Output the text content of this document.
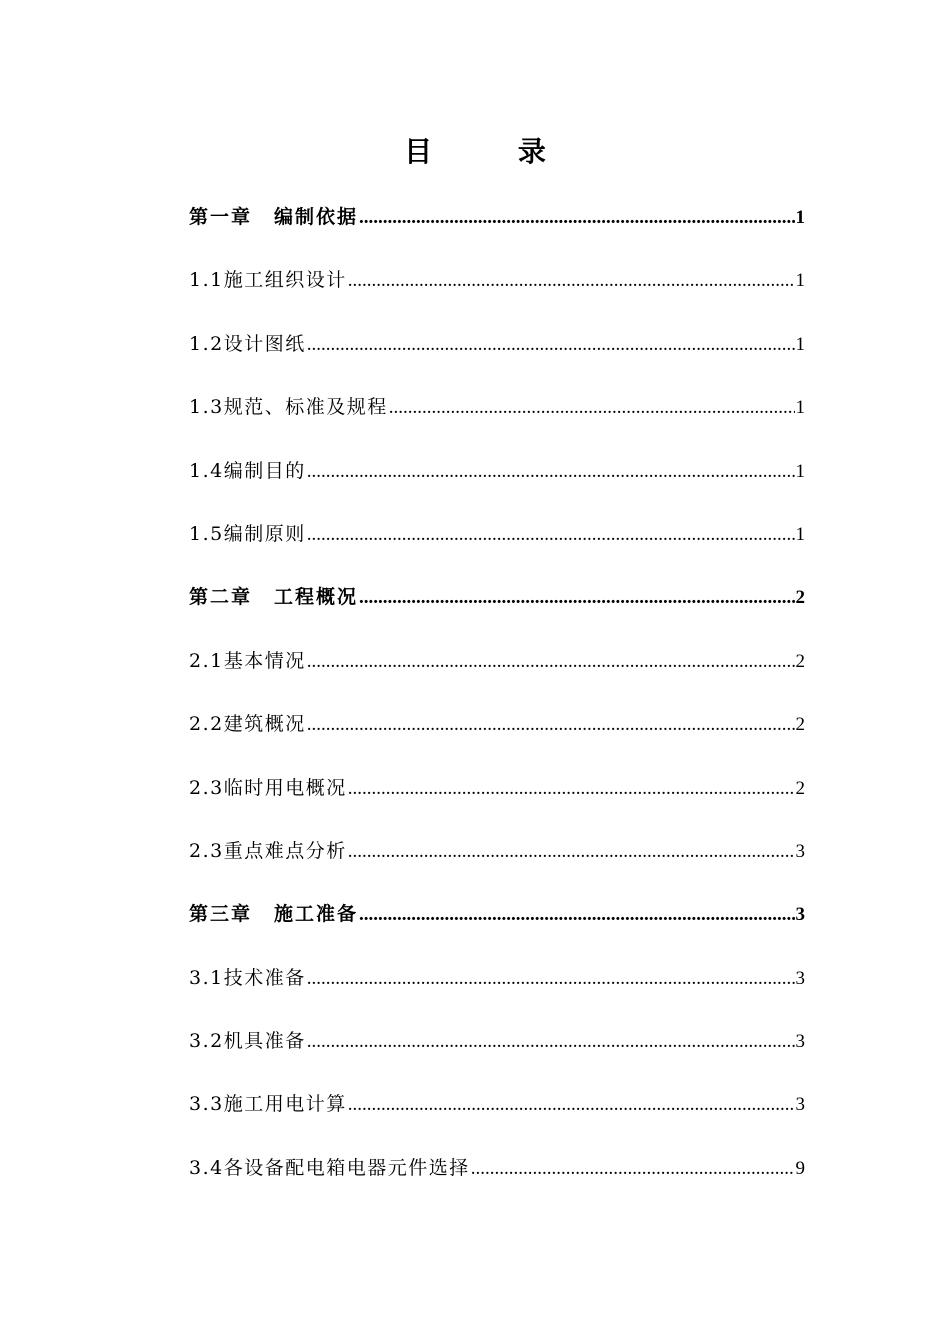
目 录
第一章 编制依据 .....	1
1.1施工组织设计 .....	1
1.2设计图纸 .....	1
1.3规范、标准及规程 .....	1
1.4编制目的 .....	1
1.5编制原则 .....	1
第二章 工程概况 .....	2
2.1基本情况 .....	2
2.2建筑概况 .....	2
2.3临时用电概况 .....	2
2.3重点难点分析 .....	3
第三章 施工准备 .....	3
3.1技术准备 .....	3
3.2机具准备 .....	3
3.3施工用电计算 .....	3
3.4各设备配电箱电器元件选择 .....	9
